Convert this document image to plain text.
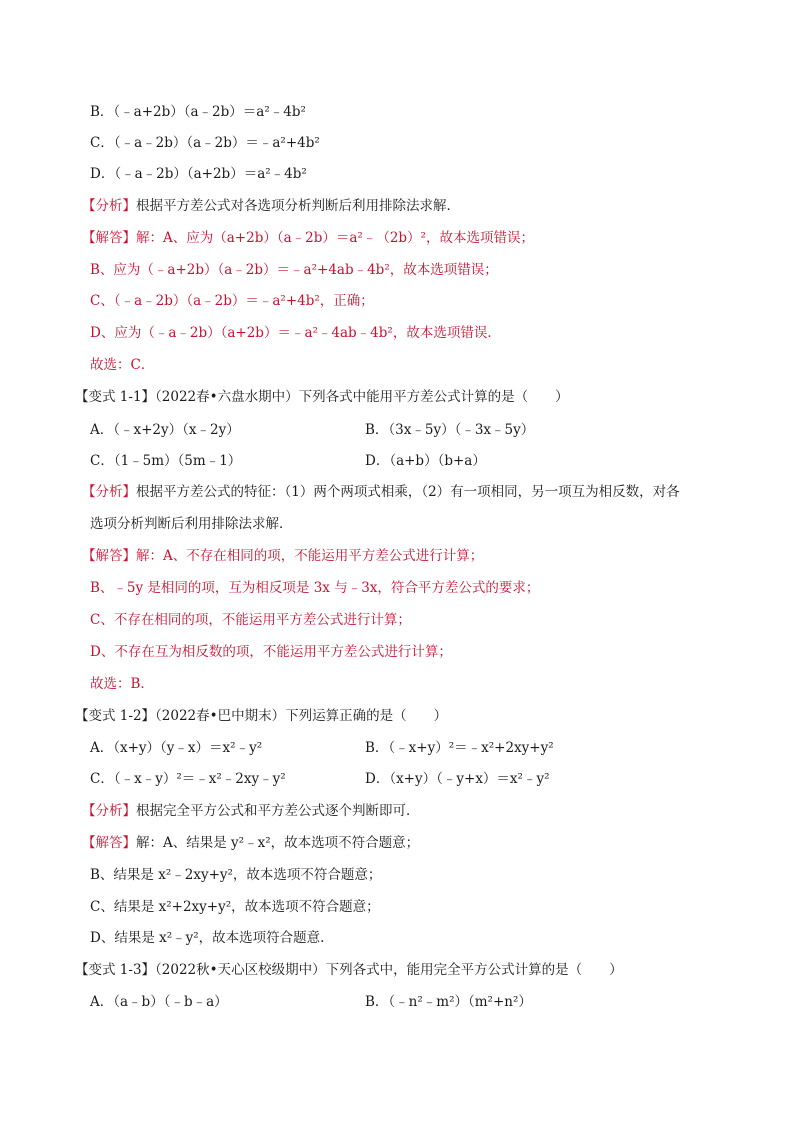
B．（﹣a+2b）（a﹣2b）＝a²﹣4b²
C．（﹣a﹣2b）（a﹣2b）＝﹣a²+4b²
D．（﹣a﹣2b）（a+2b）＝a²﹣4b²
【分析】根据平方差公式对各选项分析判断后利用排除法求解．
【解答】解：A、应为（a+2b）（a﹣2b）＝a²﹣（2b）²，故本选项错误；
B、应为（﹣a+2b）（a﹣2b）＝﹣a²+4ab﹣4b²，故本选项错误；
C、（﹣a﹣2b）（a﹣2b）＝﹣a²+4b²，正确；
D、应为（﹣a﹣2b）（a+2b）＝﹣a²﹣4ab﹣4b²，故本选项错误．
故选：C．
【变式 1-1】（2022春•六盘水期中）下列各式中能用平方差公式计算的是（　　）
A．（﹣x+2y）（x﹣2y）	B．（3x﹣5y）（﹣3x﹣5y）
C．（1﹣5m）（5m﹣1）	D．（a+b）（b+a）
【分析】根据平方差公式的特征：（1）两个两项式相乘，（2）有一项相同，另一项互为相反数，对各
选项分析判断后利用排除法求解．
【解答】解：A、不存在相同的项，不能运用平方差公式进行计算；
B、﹣5y 是相同的项，互为相反项是 3x 与﹣3x，符合平方差公式的要求；
C、不存在相同的项，不能运用平方差公式进行计算；
D、不存在互为相反数的项，不能运用平方差公式进行计算；
故选：B．
【变式 1-2】（2022春•巴中期末）下列运算正确的是（　　）
A．（x+y）（y﹣x）＝x²﹣y²	B．（﹣x+y）²＝﹣x²+2xy+y²
C．（﹣x﹣y）²＝﹣x²﹣2xy﹣y²	D．（x+y）（﹣y+x）＝x²﹣y²
【分析】根据完全平方公式和平方差公式逐个判断即可．
【解答】解：A、结果是 y²﹣x²，故本选项不符合题意；
B、结果是 x²﹣2xy+y²，故本选项不符合题意；
C、结果是 x²+2xy+y²，故本选项不符合题意；
D、结果是 x²﹣y²，故本选项符合题意.
【变式 1-3】（2022秋•天心区校级期中）下列各式中，能用完全平方公式计算的是（　　）
A．（a﹣b）（﹣b﹣a）	B．（﹣n²﹣m²）（m²+n²）
